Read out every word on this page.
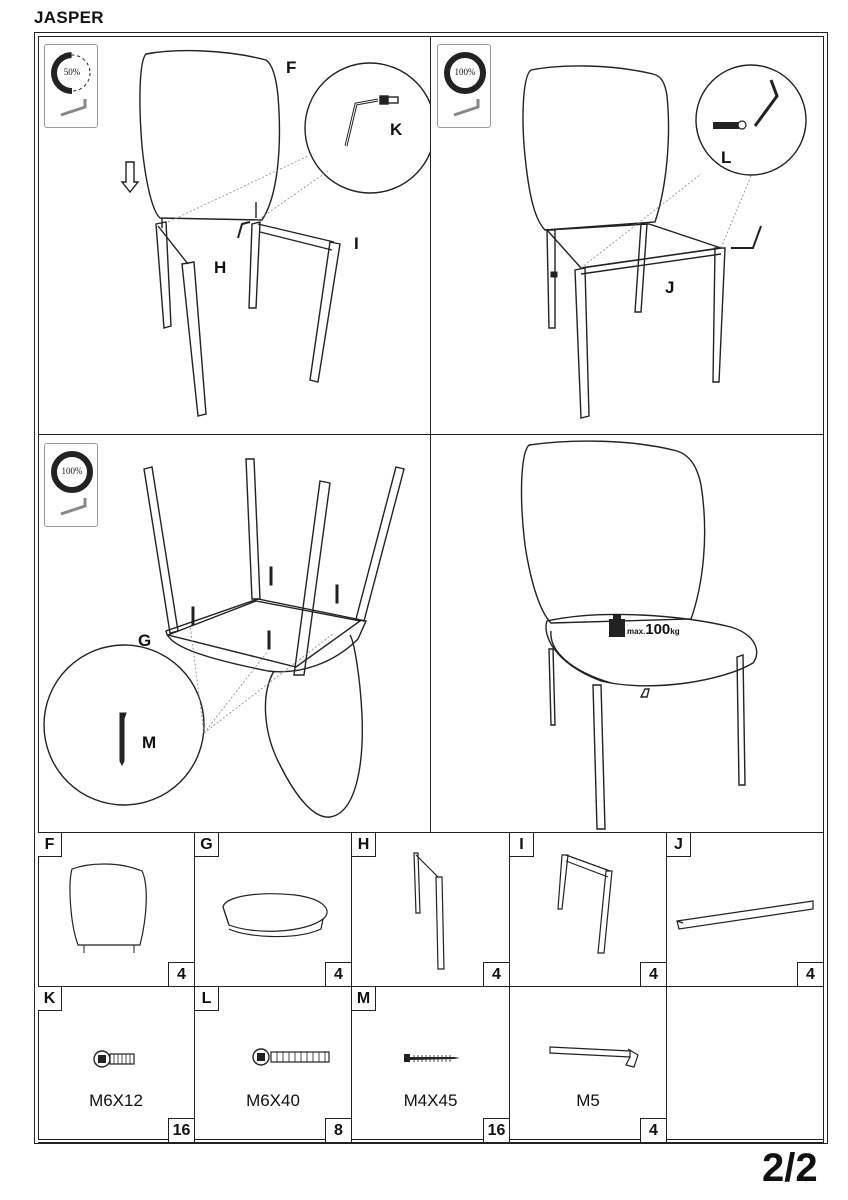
JASPER
F
K
H
I
50%
L
J
100%
G
M
100%
max.100kg
F
4
G
4
H
4
I
4
J
4
K
M6X12
16
L
M6X40
8
M
M4X45
16
M5
4
2/2
